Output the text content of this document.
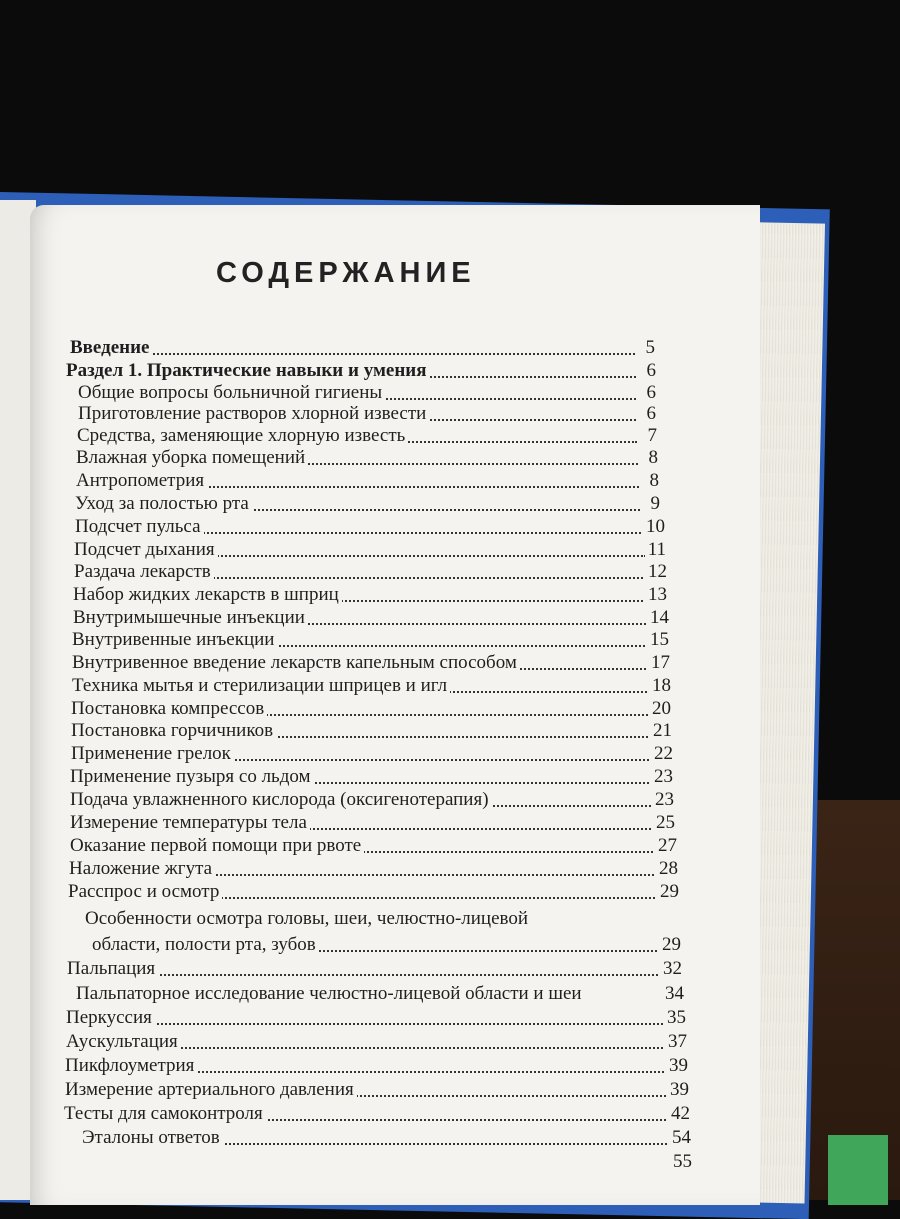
СОДЕРЖАНИЕ
Введение	5
Раздел 1. Практические навыки и умения	6
Общие вопросы больничной гигиены	6
Приготовление растворов хлорной извести	6
Средства, заменяющие хлорную известь	7
Влажная уборка помещений	8
Антропометрия	8
Уход за полостью рта	9
Подсчет пульса	10
Подсчет дыхания	11
Раздача лекарств	12
Набор жидких лекарств в шприц	13
Внутримышечные инъекции	14
Внутривенные инъекции	15
Внутривенное введение лекарств капельным способом	17
Техника мытья и стерилизации шприцев и игл	18
Постановка компрессов	20
Постановка горчичников	21
Применение грелок	22
Применение пузыря со льдом	23
Подача увлажненного кислорода (оксигенотерапия)	23
Измерение температуры тела	25
Оказание первой помощи при рвоте	27
Наложение жгута	28
Расспрос и осмотр	29
Особенности осмотра головы, шеи, челюстно-лицевой
области, полости рта, зубов	29
Пальпация	32
Пальпаторное исследование челюстно-лицевой области и шеи	34
Перкуссия	35
Аускультация	37
Пикфлоуметрия	39
Измерение артериального давления	39
Тесты для самоконтроля	42
Эталоны ответов	54
55
